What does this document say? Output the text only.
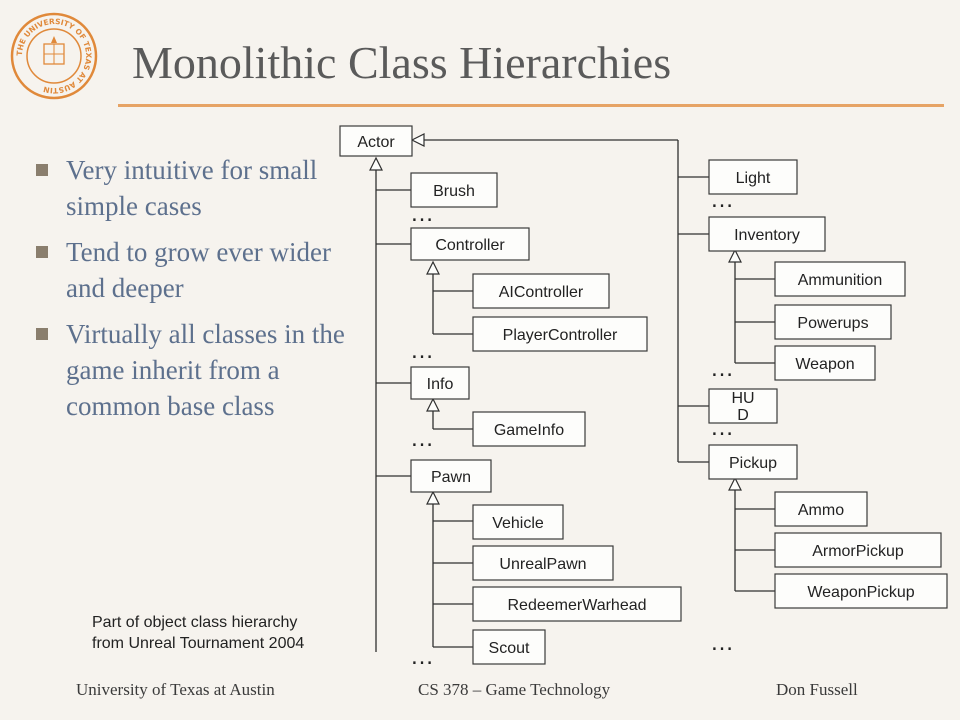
THE UNIVERSITY OF TEXAS AT AUSTIN
Monolithic Class Hierarchies
Very intuitive for small simple cases
Tend to grow ever wider and deeper
Virtually all classes in the game inherit from a common base class
Actor
Brush
Controller
AIController
PlayerController
Info
GameInfo
Pawn
Vehicle
UnrealPawn
RedeemerWarhead
Scout
Light
Inventory
Ammunition
Powerups
Weapon
HU
D
Pickup
Ammo
ArmorPickup
WeaponPickup
…
…
…
…
…
…
…
…
Part of object class hierarchy
from Unreal Tournament 2004
University of Texas at Austin	CS 378 – Game Technology	Don Fussell
